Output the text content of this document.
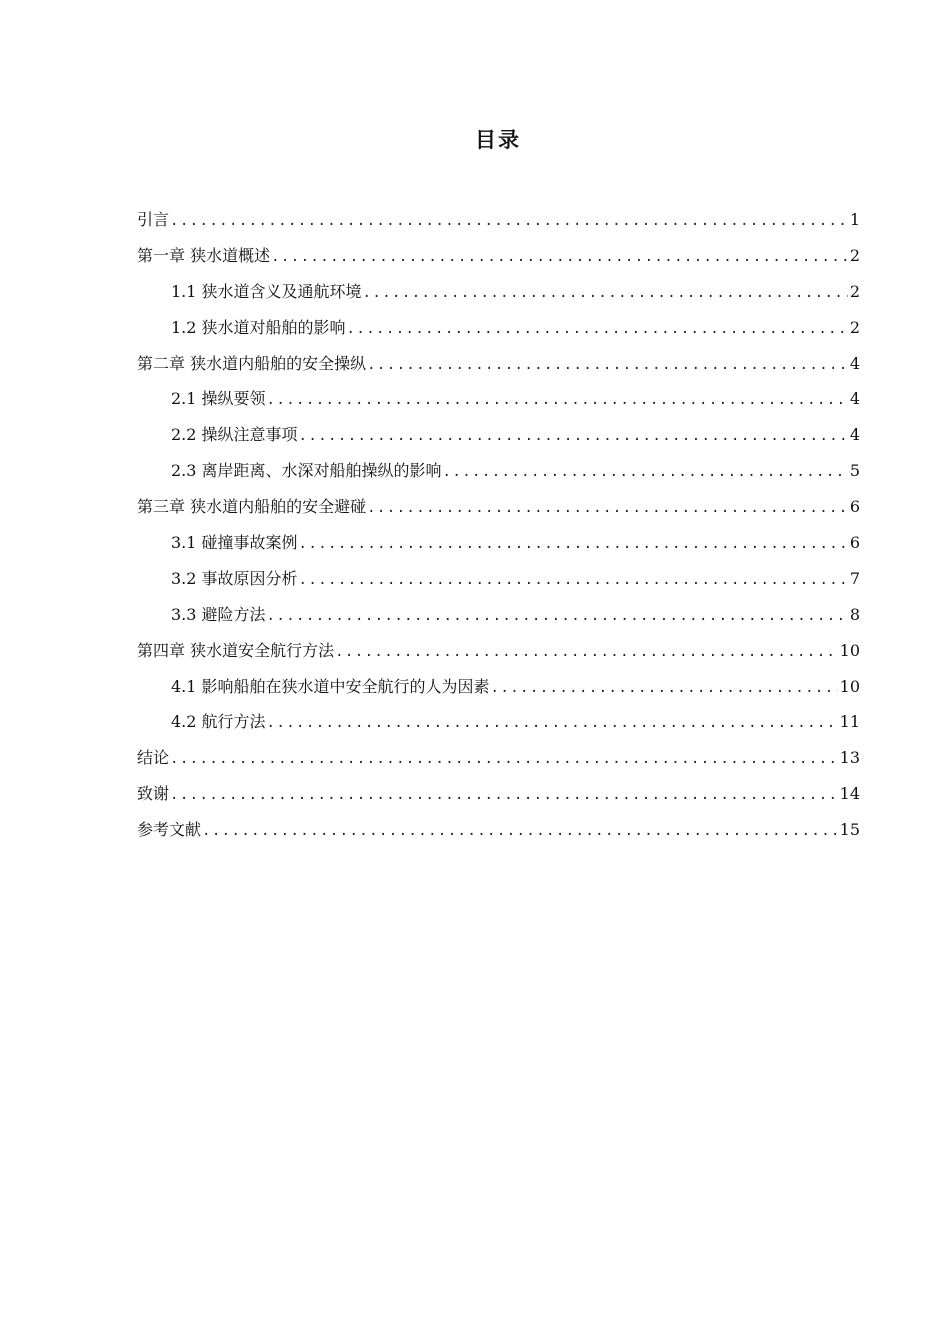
目录
引言 .....	1
第一章 狭水道概述 .....	2
1.1 狭水道含义及通航环境 .....	2
1.2 狭水道对船舶的影响 .....	2
第二章 狭水道内船舶的安全操纵 .....	4
2.1 操纵要领 .....	4
2.2 操纵注意事项 .....	4
2.3 离岸距离、水深对船舶操纵的影响 .....	5
第三章 狭水道内船舶的安全避碰 .....	6
3.1 碰撞事故案例 .....	6
3.2 事故原因分析 .....	7
3.3 避险方法 .....	8
第四章 狭水道安全航行方法 .....	10
4.1 影响船舶在狭水道中安全航行的人为因素 .....	10
4.2 航行方法 .....	11
结论 .....	13
致谢 .....	14
参考文献 .....	15
